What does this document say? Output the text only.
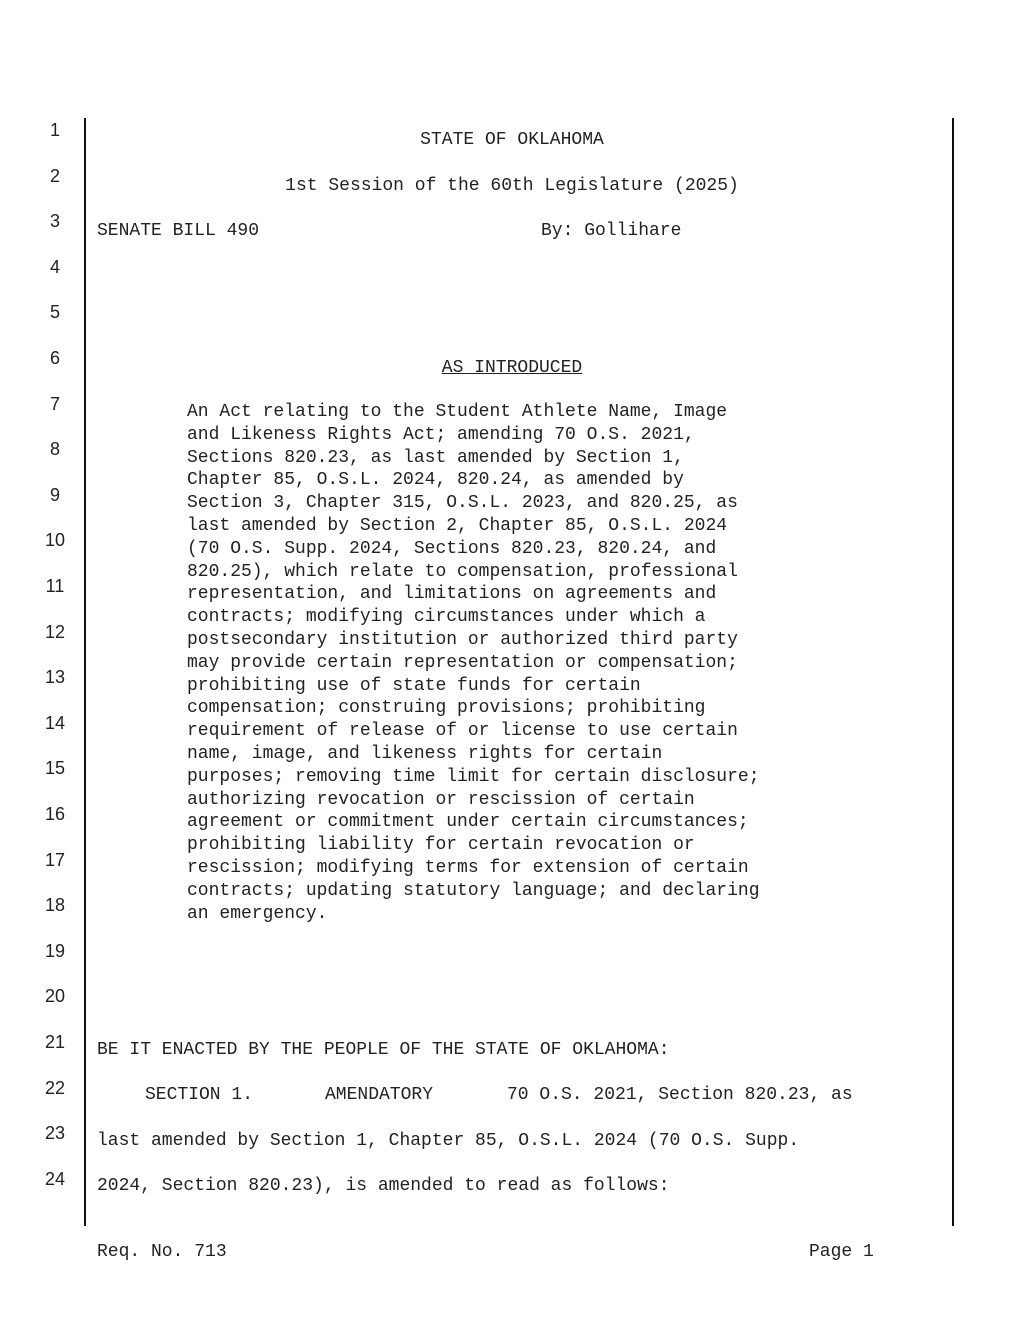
1
2
3
4
5
6
7
8
9
10
11
12
13
14
15
16
17
18
19
20
21
22
23
24
STATE OF OKLAHOMA
1st Session of the 60th Legislature (2025)
SENATE BILL 490	By: Gollihare
AS INTRODUCED
An Act relating to the Student Athlete Name, Image
and Likeness Rights Act; amending 70 O.S. 2021,
Sections 820.23, as last amended by Section 1,
Chapter 85, O.S.L. 2024, 820.24, as amended by
Section 3, Chapter 315, O.S.L. 2023, and 820.25, as
last amended by Section 2, Chapter 85, O.S.L. 2024
(70 O.S. Supp. 2024, Sections 820.23, 820.24, and
820.25), which relate to compensation, professional
representation, and limitations on agreements and
contracts; modifying circumstances under which a
postsecondary institution or authorized third party
may provide certain representation or compensation;
prohibiting use of state funds for certain
compensation; construing provisions; prohibiting
requirement of release of or license to use certain
name, image, and likeness rights for certain
purposes; removing time limit for certain disclosure;
authorizing revocation or rescission of certain
agreement or commitment under certain circumstances;
prohibiting liability for certain revocation or
rescission; modifying terms for extension of certain
contracts; updating statutory language; and declaring
an emergency.
BE IT ENACTED BY THE PEOPLE OF THE STATE OF OKLAHOMA:
SECTION 1.	AMENDATORY	70 O.S. 2021, Section 820.23, as
last amended by Section 1, Chapter 85, O.S.L. 2024 (70 O.S. Supp.
2024, Section 820.23), is amended to read as follows:
Req. No. 713	Page 1
